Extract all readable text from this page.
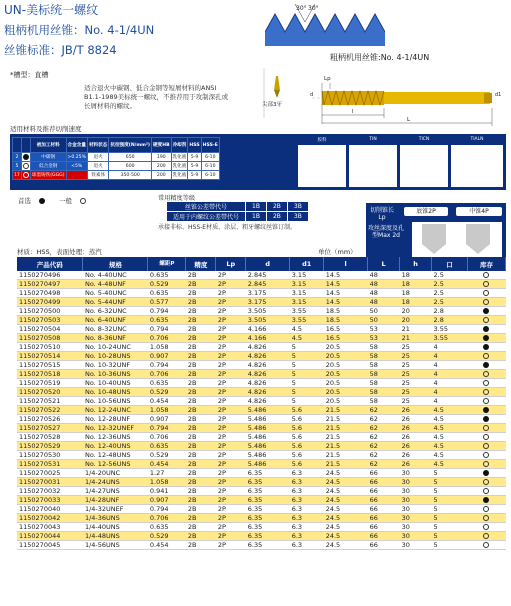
UN-美标统一螺纹
粗柄机用丝锥：No. 4-1/4UN
丝锥标准：JB/T 8824
30° 30°
粗柄机用丝锥:No. 4-1/4UN
Lp
l
L
d1
d
尖部3牙
*槽型：直槽
适合退火中碳钢、低合金钢等短屑材料的ANSI B1.1-1989美标统一螺纹，不推荐用于攻制深孔或长屑材料的螺纹。
适用材料及推荐切削速度
		被加工材料	合金含量	材料状态	抗拉强度(N/mm²)	硬度HB	冷却剂	HSS	HSS-E
2		中碳钢	>0.25%	退火	650	190	乳化液	5-9	6-10
5		低合金钢	<5%	退火	600	200	乳化液	5-9	6-10
17		球墨铸铁(GGG)		铁素体	350-500	200	乳化液	5-9	6-10
胶料	TIN	TICN	TIALN
首选	一般	常用精度等级
丝锥公差带代号	1B	2B	3B
适用于内螺纹公差带代号	1B	2B	3B
承接非标、HSS-E材质、涂层、粗牙螺纹丝锥订制。
切削锥长Lp
底锥2P	中锥4P
攻丝深度及孔型Max 2d
材质：HSS，表面处理：蒸汽	单位（mm）
产品代码	规格	螺距P	精度	Lp	d	d1	l	L	h	口	库存
1150270496	No. 4-40UNC	0.635	2B	2P	2.845	3.15	14.5	48	18	2.5	
1150270497	No. 4-48UNF	0.529	2B	2P	2.845	3.15	14.5	48	18	2.5	
1150270498	No. 5-40UNC	0.635	2B	2P	3.175	3.15	14.5	48	18	2.5	
1150270499	No. 5-44UNF	0.577	2B	2P	3.175	3.15	14.5	48	18	2.5	
1150270500	No. 6-32UNC	0.794	2B	2P	3.505	3.55	18.5	50	20	2.8	
1150270503	No. 6-40UNF	0.635	2B	2P	3.505	3.55	18.5	50	20	2.8	
1150270504	No. 8-32UNC	0.794	2B	2P	4.166	4.5	16.5	53	21	3.55	
1150270508	No. 8-36UNF	0.706	2B	2P	4.166	4.5	16.5	53	21	3.55	
1150270510	No. 10-24UNC	1.058	2B	2P	4.826	5	20.5	58	25	4	
1150270514	No. 10-28UNS	0.907	2B	2P	4.826	5	20.5	58	25	4	
1150270515	No. 10-32UNF	0.794	2B	2P	4.826	5	20.5	58	25	4	
1150270518	No. 10-36UNS	0.706	2B	2P	4.826	5	20.5	58	25	4	
1150270519	No. 10-40UNS	0.635	2B	2P	4.826	5	20.5	58	25	4	
1150270520	No. 10-48UNS	0.529	2B	2P	4.826	5	20.5	58	25	4	
1150270521	No. 10-56UNS	0.454	2B	2P	4.826	5	20.5	58	25	4	
1150270522	No. 12-24UNC	1.058	2B	2P	5.486	5.6	21.5	62	26	4.5	
1150270526	No. 12-28UNF	0.907	2B	2P	5.486	5.6	21.5	62	26	4.5	
1150270527	No. 12-32UNEF	0.794	2B	2P	5.486	5.6	21.5	62	26	4.5	
1150270528	No. 12-36UNS	0.706	2B	2P	5.486	5.6	21.5	62	26	4.5	
1150270529	No. 12-40UNS	0.635	2B	2P	5.486	5.6	21.5	62	26	4.5	
1150270530	No. 12-48UNS	0.529	2B	2P	5.486	5.6	21.5	62	26	4.5	
1150270531	No. 12-56UNS	0.454	2B	2P	5.486	5.6	21.5	62	26	4.5	
1150270025	1/4-20UNC	1.27	2B	2P	6.35	6.3	24.5	66	30	5	
1150270031	1/4-24UNS	1.058	2B	2P	6.35	6.3	24.5	66	30	5	
1150270032	1/4-27UNS	0.941	2B	2P	6.35	6.3	24.5	66	30	5	
1150270033	1/4-28UNF	0.907	2B	2P	6.35	6.3	24.5	66	30	5	
1150270040	1/4-32UNEF	0.794	2B	2P	6.35	6.3	24.5	66	30	5	
1150270042	1/4-36UNS	0.706	2B	2P	6.35	6.3	24.5	66	30	5	
1150270043	1/4-40UNS	0.635	2B	2P	6.35	6.3	24.5	66	30	5	
1150270044	1/4-48UNS	0.529	2B	2P	6.35	6.3	24.5	66	30	5	
1150270045	1/4-56UNS	0.454	2B	2P	6.35	6.3	24.5	66	30	5	
